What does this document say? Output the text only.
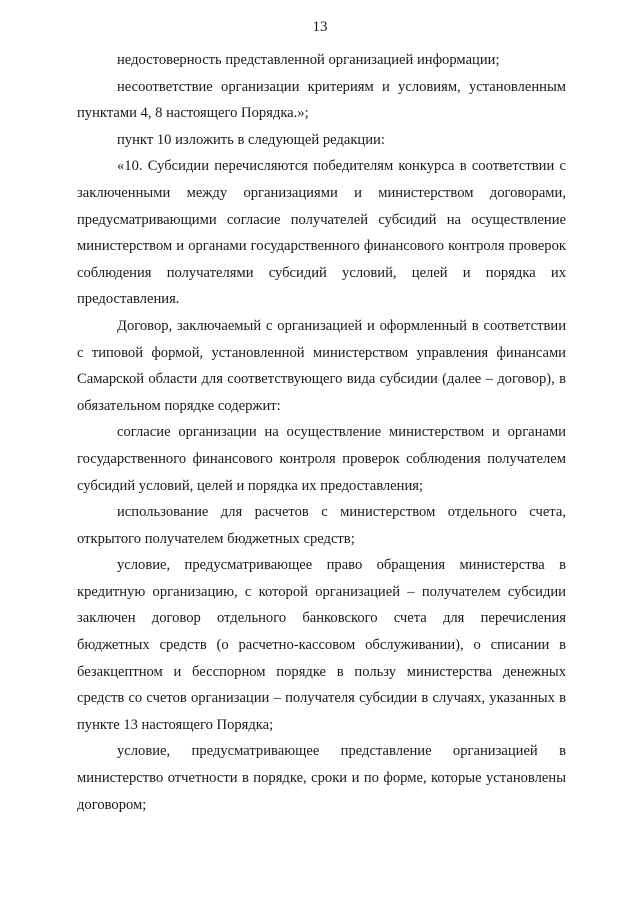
13

недостоверность представленной организацией информации;

несоответствие организации критериям и условиям, установленным пунктами 4, 8 настоящего Порядка.»;

пункт 10 изложить в следующей редакции:

«10. Субсидии перечисляются победителям конкурса в соответствии с заключенными между организациями и министерством договорами, предусматривающими согласие получателей субсидий на осуществление министерством и органами государственного финансового контроля проверок соблюдения получателями субсидий условий, целей и порядка их предоставления.

Договор, заключаемый с организацией и оформленный в соответствии с типовой формой, установленной министерством управления финансами Самарской области для соответствующего вида субсидии (далее – договор), в обязательном порядке содержит:

согласие организации на осуществление министерством и органами государственного финансового контроля проверок соблюдения получателем субсидий условий, целей и порядка их предоставления;

использование для расчетов с министерством отдельного счета, открытого получателем бюджетных средств;

условие, предусматривающее право обращения министерства в кредитную организацию, с которой организацией – получателем субсидии заключен договор отдельного банковского счета для перечисления бюджетных средств (о расчетно-кассовом обслуживании), о списании в безакцептном и бесспорном порядке в пользу министерства денежных средств со счетов организации – получателя субсидии в случаях, указанных в пункте 13 настоящего Порядка;

условие, предусматривающее представление организацией в министерство отчетности в порядке, сроки и по форме, которые установлены договором;
